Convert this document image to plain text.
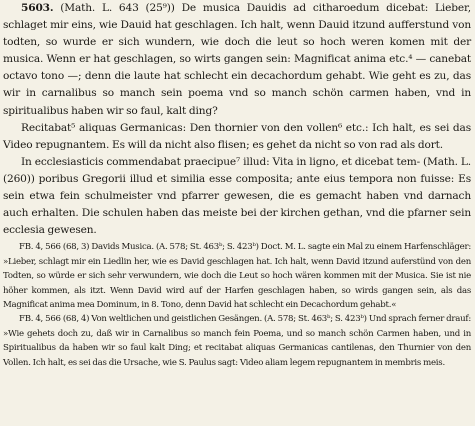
5603. (Math. L. 643 (25⁹)) De musica Dauidis ad citharoedum dicebat: Lieber, schlaget mir eins, wie Dauid hat geschlagen. Ich halt, wenn Dauid itzund aufferstund von todten, so wurde er sich wundern, wie doch die leut so hoch weren komen mit der musica. Wenn er hat geschlagen, so wirts gangen sein: Magnificat anima etc.⁴ — canebat octavo tono —; denn die laute hat schlecht ein decachordum gehabt. Wie geht es zu, das wir in carnalibus so manch sein poema vnd so manch schön carmen haben, vnd in spiritualibus haben wir so faul, kalt ding?

Recitabat⁵ aliquas Germanicas: Den thornier von den vollen⁶ etc.: Ich halt, es sei das Video repugnantem. Es will da nicht also flisen; es gehet da nicht so von rad als dort.

In ecclesiasticis commendabat praecipue⁷ illud: Vita in ligno, et dicebat tem- (Math. L. (260)) poribus Gregorii illud et similia esse composita; ante eius tempora non fuisse: Es sein etwa fein schulmeister vnd pfarrer gewesen, die es gemacht haben vnd darnach auch erhalten. Die schulen haben das meiste bei der kirchen gethan, vnd die pfarner sein ecclesia gewesen.

FB. 4, 566 (68, 3) Davids Musica. (A. 578; St. 463ᵇ; S. 423ᵇ) Doct. M. L. sagte ein Mal zu einem Harfenschläger: »Lieber, schlagt mir ein Liedlin her, wie es David geschlagen hat. Ich halt, wenn David itzund auferstünd von den Todten, so würde er sich sehr verwundern, wie doch die Leut so hoch wären kommen mit der Musica. Sie ist nie höher kommen, als itzt. Wenn David wird auf der Harfen geschlagen haben, so wirds gangen sein, als das Magnificat anima mea Dominum, in 8. Tono, denn David hat schlecht ein Decachordum gehabt.«

FB. 4, 566 (68, 4) Von weltlichen und geistlichen Gesängen. (A. 578; St. 463ᵇ; S. 423ᵇ) Und sprach ferner drauf: »Wie gehets doch zu, daß wir in Carnalibus so manch fein Poema, und so manch schön Carmen haben, und in Spiritualibus da haben wir so faul kalt Ding; et recitabat aliquas Germanicas cantilenas, den Thurnier von den Vollen. Ich halt, es sei das die Ursache, wie S. Paulus sagt: Video aliam legem repugnantem in membris meis.
